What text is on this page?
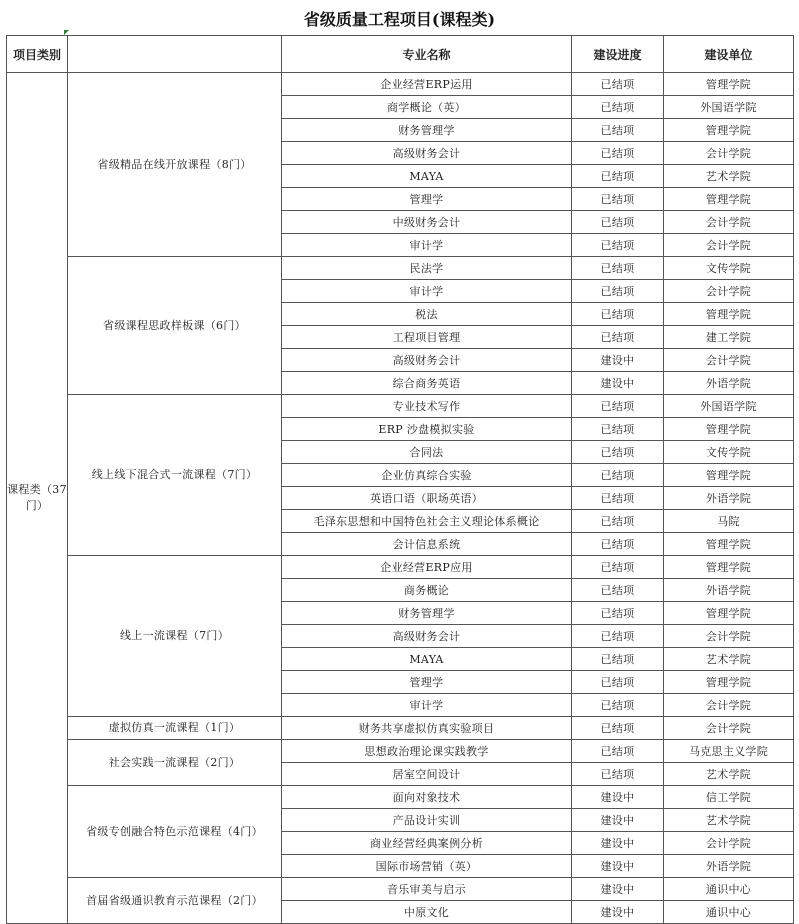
省级质量工程项目(课程类)
项目类别		专业名称	建设进度	建设单位
课程类（37门）	省级精品在线开放课程（8门）	企业经营ERP运用	已结项	管理学院
		商学概论（英）	已结项	外国语学院
		财务管理学	已结项	管理学院
		高级财务会计	已结项	会计学院
		MAYA	已结项	艺术学院
		管理学	已结项	管理学院
		中级财务会计	已结项	会计学院
		审计学	已结项	会计学院
	省级课程思政样板课（6门）	民法学	已结项	文传学院
		审计学	已结项	会计学院
		税法	已结项	管理学院
		工程项目管理	已结项	建工学院
		高级财务会计	建设中	会计学院
		综合商务英语	建设中	外语学院
	线上线下混合式一流课程（7门）	专业技术写作	已结项	外国语学院
		ERP 沙盘模拟实验	已结项	管理学院
		合同法	已结项	文传学院
		企业仿真综合实验	已结项	管理学院
		英语口语（职场英语）	已结项	外语学院
		毛泽东思想和中国特色社会主义理论体系概论	已结项	马院
		会计信息系统	已结项	管理学院
	线上一流课程（7门）	企业经营ERP应用	已结项	管理学院
		商务概论	已结项	外语学院
		财务管理学	已结项	管理学院
		高级财务会计	已结项	会计学院
		MAYA	已结项	艺术学院
		管理学	已结项	管理学院
		审计学	已结项	会计学院
	虚拟仿真一流课程（1门）	财务共享虚拟仿真实验项目	已结项	会计学院
	社会实践一流课程（2门）	思想政治理论课实践教学	已结项	马克思主义学院
		居室空间设计	已结项	艺术学院
	省级专创融合特色示范课程（4门）	面向对象技术	建设中	信工学院
		产品设计实训	建设中	艺术学院
		商业经营经典案例分析	建设中	会计学院
		国际市场营销（英）	建设中	外语学院
	首届省级通识教育示范课程（2门）	音乐审美与启示	建设中	通识中心
		中原文化	建设中	通识中心
